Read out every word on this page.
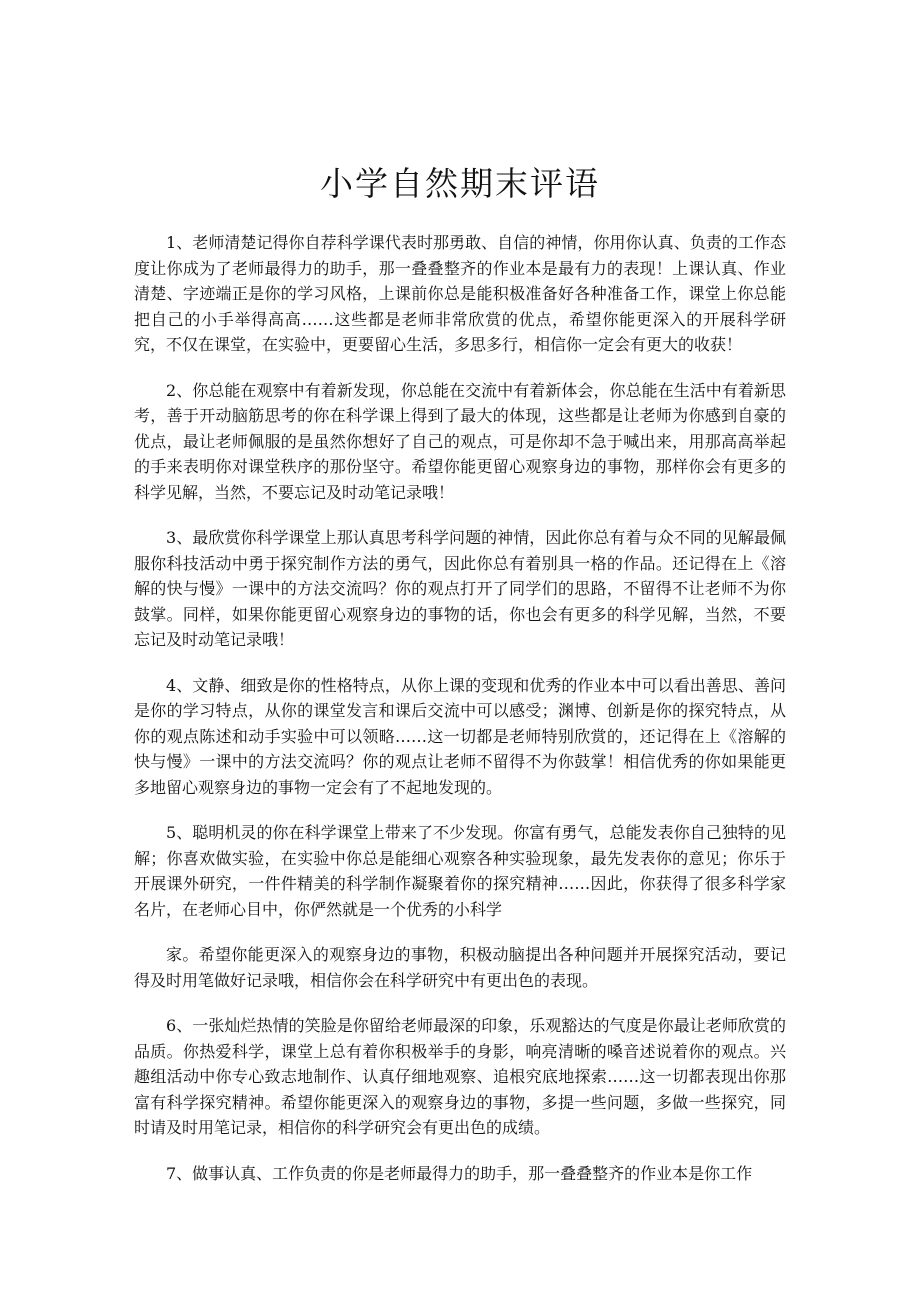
小学自然期末评语

1、老师清楚记得你自荐科学课代表时那勇敢、自信的神情，你用你认真、负责的工作态度让你成为了老师最得力的助手，那一叠叠整齐的作业本是最有力的表现！上课认真、作业清楚、字迹端正是你的学习风格，上课前你总是能积极准备好各种准备工作，课堂上你总能把自己的小手举得高高……这些都是老师非常欣赏的优点，希望你能更深入的开展科学研究，不仅在课堂，在实验中，更要留心生活，多思多行，相信你一定会有更大的收获！

2、你总能在观察中有着新发现，你总能在交流中有着新体会，你总能在生活中有着新思考，善于开动脑筋思考的你在科学课上得到了最大的体现，这些都是让老师为你感到自豪的优点，最让老师佩服的是虽然你想好了自己的观点，可是你却不急于喊出来，用那高高举起的手来表明你对课堂秩序的那份坚守。希望你能更留心观察身边的事物，那样你会有更多的科学见解，当然，不要忘记及时动笔记录哦！

3、最欣赏你科学课堂上那认真思考科学问题的神情，因此你总有着与众不同的见解最佩服你科技活动中勇于探究制作方法的勇气，因此你总有着别具一格的作品。还记得在上《溶解的快与慢》一课中的方法交流吗？你的观点打开了同学们的思路，不留得不让老师不为你鼓掌。同样，如果你能更留心观察身边的事物的话，你也会有更多的科学见解，当然，不要忘记及时动笔记录哦！

4、文静、细致是你的性格特点，从你上课的变现和优秀的作业本中可以看出善思、善问是你的学习特点，从你的课堂发言和课后交流中可以感受；渊博、创新是你的探究特点，从你的观点陈述和动手实验中可以领略……这一切都是老师特别欣赏的，还记得在上《溶解的快与慢》一课中的方法交流吗？你的观点让老师不留得不为你鼓掌！相信优秀的你如果能更多地留心观察身边的事物一定会有了不起地发现的。

5、聪明机灵的你在科学课堂上带来了不少发现。你富有勇气，总能发表你自己独特的见解；你喜欢做实验，在实验中你总是能细心观察各种实验现象，最先发表你的意见；你乐于开展课外研究，一件件精美的科学制作凝聚着你的探究精神……因此，你获得了很多科学家名片，在老师心目中，你俨然就是一个优秀的小科学

家。希望你能更深入的观察身边的事物，积极动脑提出各种问题并开展探究活动，要记得及时用笔做好记录哦，相信你会在科学研究中有更出色的表现。

6、一张灿烂热情的笑脸是你留给老师最深的印象，乐观豁达的气度是你最让老师欣赏的品质。你热爱科学，课堂上总有着你积极举手的身影，响亮清晰的嗓音述说着你的观点。兴趣组活动中你专心致志地制作、认真仔细地观察、追根究底地探索……这一切都表现出你那富有科学探究精神。希望你能更深入的观察身边的事物，多提一些问题，多做一些探究，同时请及时用笔记录，相信你的科学研究会有更出色的成绩。

7、做事认真、工作负责的你是老师最得力的助手，那一叠叠整齐的作业本是你工作
